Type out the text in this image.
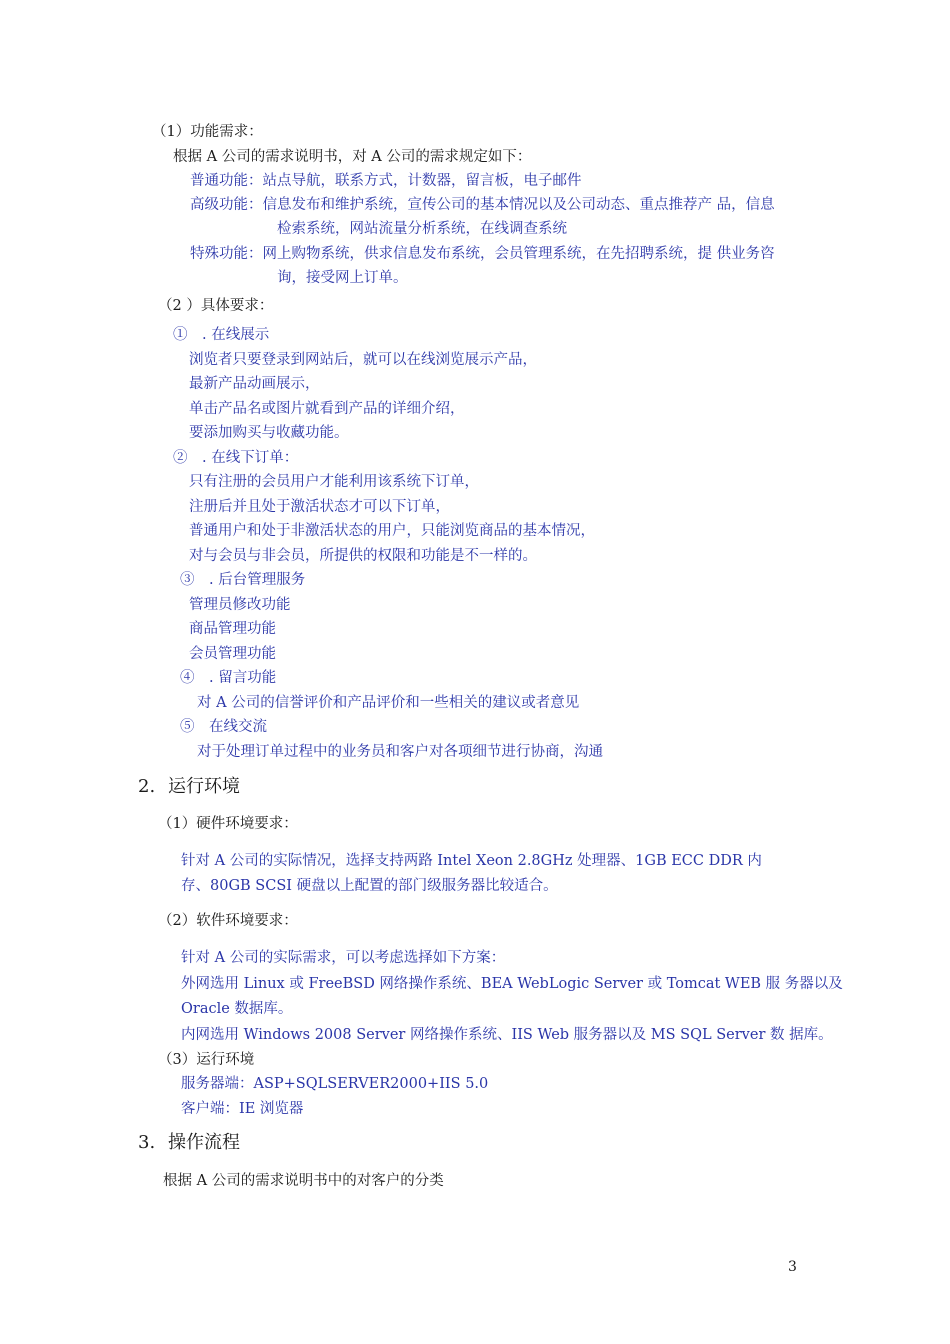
（1）功能需求：
根据 A 公司的需求说明书，对 A 公司的需求规定如下：
普通功能：站点导航，联系方式，计数器，留言板，电子邮件
高级功能：信息发布和维护系统，宣传公司的基本情况以及公司动态、重点推荐产 品，信息
检索系统，网站流量分析系统，在线调查系统
特殊功能：网上购物系统，供求信息发布系统，会员管理系统，在先招聘系统，提 供业务咨
询，接受网上订单。
（2 ）具体要求：
①　. 在线展示
浏览者只要登录到网站后，就可以在线浏览展示产品，
最新产品动画展示，
单击产品名或图片就看到产品的详细介绍，
要添加购买与收藏功能。
②　. 在线下订单：
只有注册的会员用户才能利用该系统下订单，
注册后并且处于激活状态才可以下订单，
普通用户和处于非激活状态的用户，只能浏览商品的基本情况，
对与会员与非会员，所提供的权限和功能是不一样的。
③　. 后台管理服务
管理员修改功能
商品管理功能
会员管理功能
④　. 留言功能
对 A 公司的信誉评价和产品评价和一些相关的建议或者意见
⑤　在线交流
对于处理订单过程中的业务员和客户对各项细节进行协商，沟通
2. 运行环境
（1）硬件环境要求：
针对 A 公司的实际情况，选择支持两路 Intel Xeon 2.8GHz 处理器、1GB ECC DDR 内
存、80GB SCSI 硬盘以上配置的部门级服务器比较适合。
（2）软件环境要求：
针对 A 公司的实际需求，可以考虑选择如下方案：
外网选用 Linux 或 FreeBSD 网络操作系统、BEA WebLogic Server 或 Tomcat WEB 服 务器以及
Oracle 数据库。
内网选用 Windows 2008 Server 网络操作系统、IIS Web 服务器以及 MS SQL Server 数 据库。
（3）运行环境
服务器端：ASP+SQLSERVER2000+IIS 5.0
客户端：IE 浏览器
3. 操作流程
根据 A 公司的需求说明书中的对客户的分类
3
